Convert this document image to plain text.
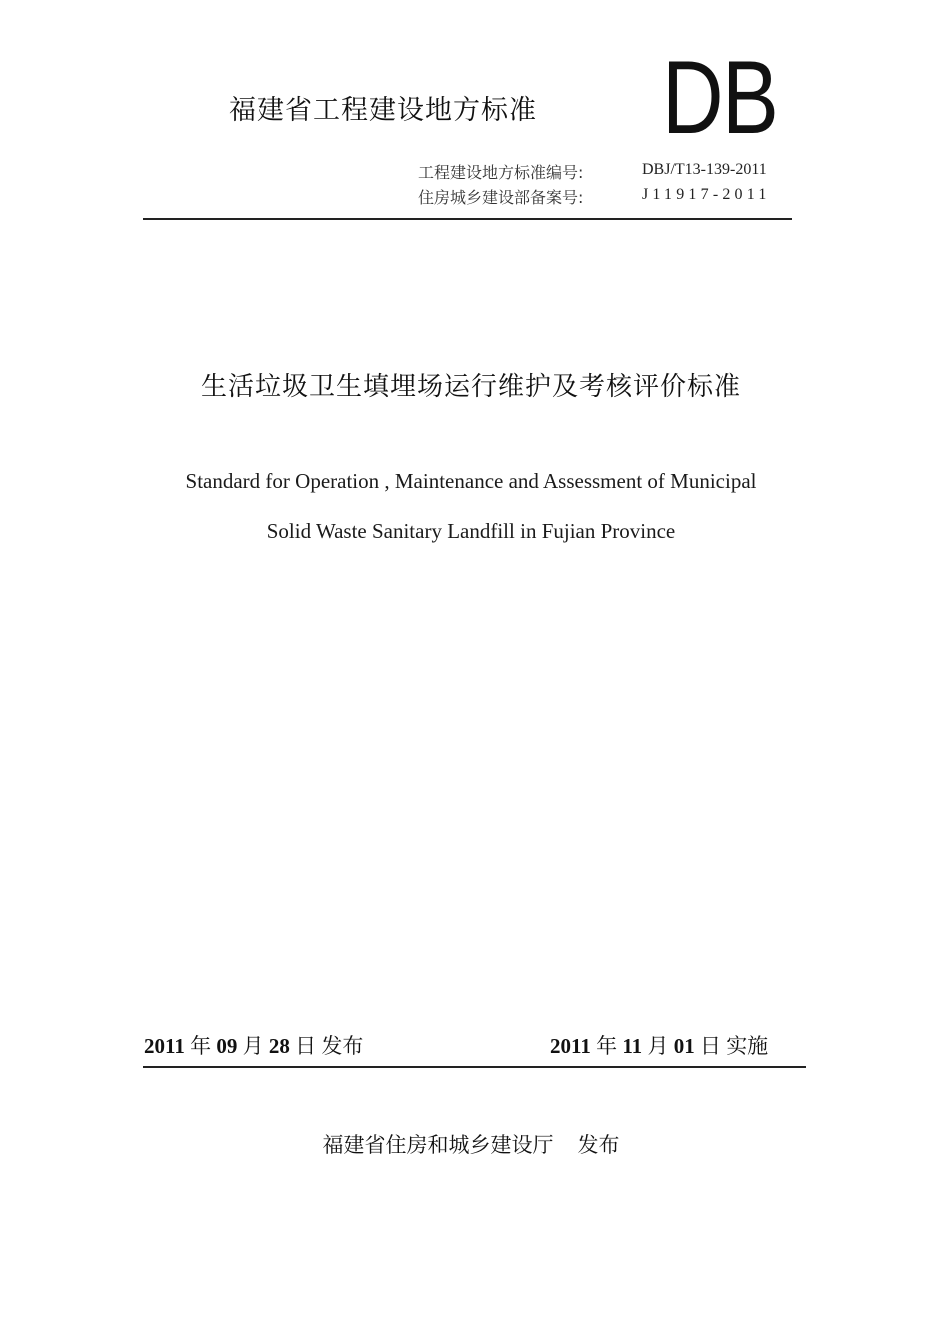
福建省工程建设地方标准 DB
工程建设地方标准编号:	DBJ/T13-139-2011
住房城乡建设部备案号:	J11917-2011
生活垃圾卫生填埋场运行维护及考核评价标准
Standard for Operation , Maintenance and Assessment of Municipal
Solid Waste Sanitary Landfill in Fujian Province
2011 年 09 月 28 日 发布	2011 年 11 月 01 日 实施
福建省住房和城乡建设厅 发布
